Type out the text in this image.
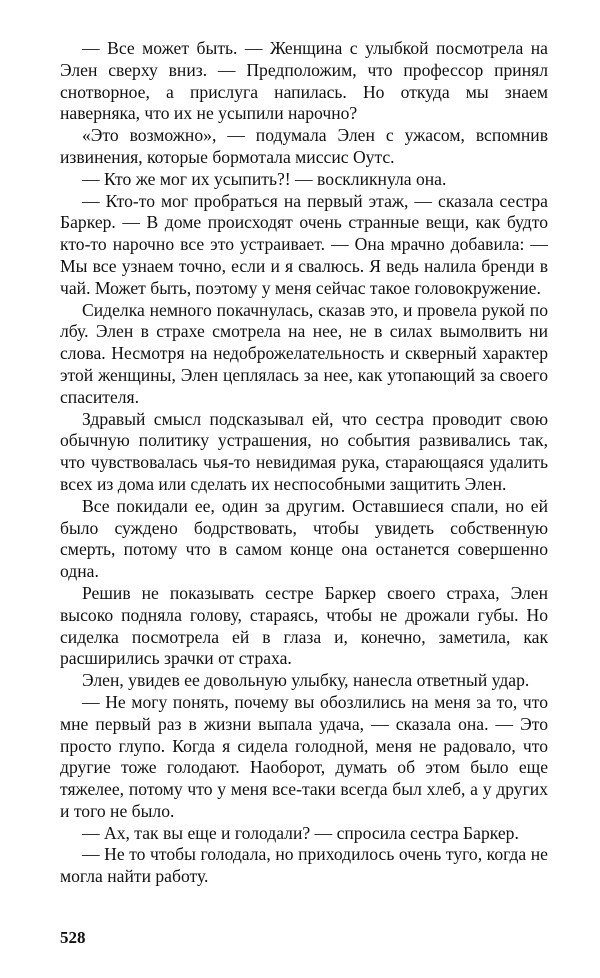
— Все может быть. — Женщина с улыбкой посмотрела на Элен сверху вниз. — Предположим, что профессор принял снотворное, а прислуга напилась. Но откуда мы знаем наверняка, что их не усыпили нарочно?

«Это возможно», — подумала Элен с ужасом, вспомнив извинения, которые бормотала миссис Оутс.

— Кто же мог их усыпить?! — воскликнула она.

— Кто-то мог пробраться на первый этаж, — сказала сестра Баркер. — В доме происходят очень странные вещи, как будто кто-то нарочно все это устраивает. — Она мрачно добавила: — Мы все узнаем точно, если и я свалюсь. Я ведь налила бренди в чай. Может быть, поэтому у меня сейчас такое головокружение.

Сиделка немного покачнулась, сказав это, и провела рукой по лбу. Элен в страхе смотрела на нее, не в силах вымолвить ни слова. Несмотря на недоброжелательность и скверный характер этой женщины, Элен цеплялась за нее, как утопающий за своего спасителя.

Здравый смысл подсказывал ей, что сестра проводит свою обычную политику устрашения, но события развивались так, что чувствовалась чья-то невидимая рука, старающаяся удалить всех из дома или сделать их неспособными защитить Элен.

Все покидали ее, один за другим. Оставшиеся спали, но ей было суждено бодрствовать, чтобы увидеть собственную смерть, потому что в самом конце она останется совершенно одна.

Решив не показывать сестре Баркер своего страха, Элен высоко подняла голову, стараясь, чтобы не дрожали губы. Но сиделка посмотрела ей в глаза и, конечно, заметила, как расширились зрачки от страха.

Элен, увидев ее довольную улыбку, нанесла ответный удар.

— Не могу понять, почему вы обозлились на меня за то, что мне первый раз в жизни выпала удача, — сказала она. — Это просто глупо. Когда я сидела голодной, меня не радовало, что другие тоже голодают. Наоборот, думать об этом было еще тяжелее, потому что у меня все-таки всегда был хлеб, а у других и того не было.

— Ах, так вы еще и голодали? — спросила сестра Баркер.

— Не то чтобы голодала, но приходилось очень туго, когда не могла найти работу.

528
